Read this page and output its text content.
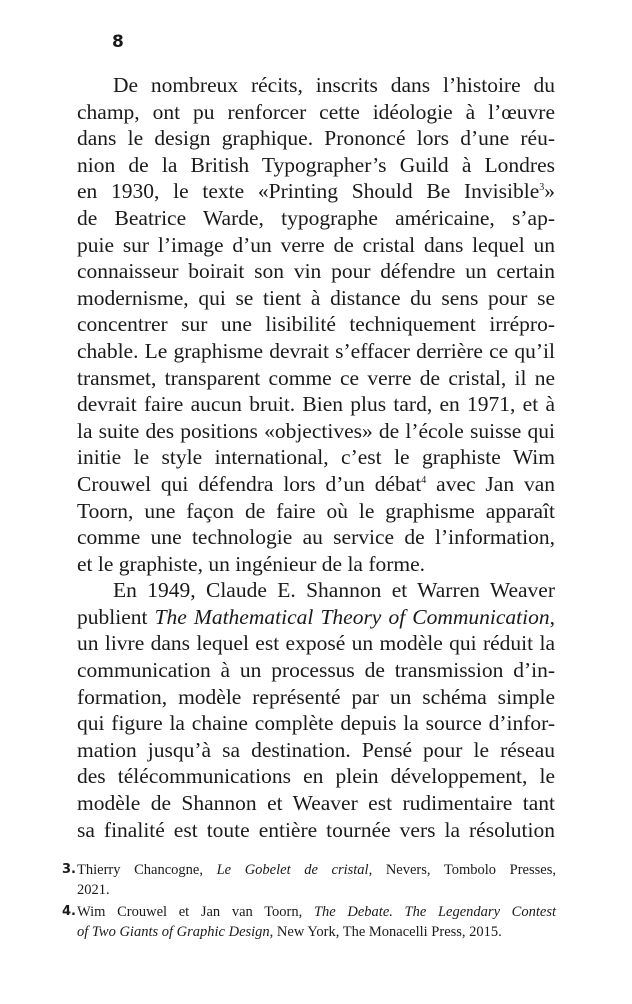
8
De nombreux récits, inscrits dans l’histoire du
champ, ont pu renforcer cette idéologie à l’œuvre
dans le design graphique. Prononcé lors d’une réu-
nion de la British Typographer’s Guild à Londres
en 1930, le texte «Printing Should Be Invisible$^3$»
de Beatrice Warde, typographe américaine, s’ap-
puie sur l’image d’un verre de cristal dans lequel un
connaisseur boirait son vin pour défendre un certain
modernisme, qui se tient à distance du sens pour se
concentrer sur une lisibilité techniquement irrépro-
chable. Le graphisme devrait s’effacer derrière ce qu’il
transmet, transparent comme ce verre de cristal, il ne
devrait faire aucun bruit. Bien plus tard, en 1971, et à
la suite des positions «objectives» de l’école suisse qui
initie le style international, c’est le graphiste Wim
Crouwel qui défendra lors d’un débat$^4$ avec Jan van
Toorn, une façon de faire où le graphisme apparaît
comme une technologie au service de l’information,
et le graphiste, un ingénieur de la forme.
En 1949, Claude E. Shannon et Warren Weaver
publient The Mathematical Theory of Communication,
un livre dans lequel est exposé un modèle qui réduit la
communication à un processus de transmission d’in-
formation, modèle représenté par un schéma simple
qui figure la chaine complète depuis la source d’infor-
mation jusqu’à sa destination. Pensé pour le réseau
des télécommunications en plein développement, le
modèle de Shannon et Weaver est rudimentaire tant
sa finalité est toute entière tournée vers la résolution
3. Thierry Chancogne, Le Gobelet de cristal, Nevers, Tombolo Presses,
2021.
4. Wim Crouwel et Jan van Toorn, The Debate. The Legendary Contest
of Two Giants of Graphic Design, New York, The Monacelli Press, 2015.
